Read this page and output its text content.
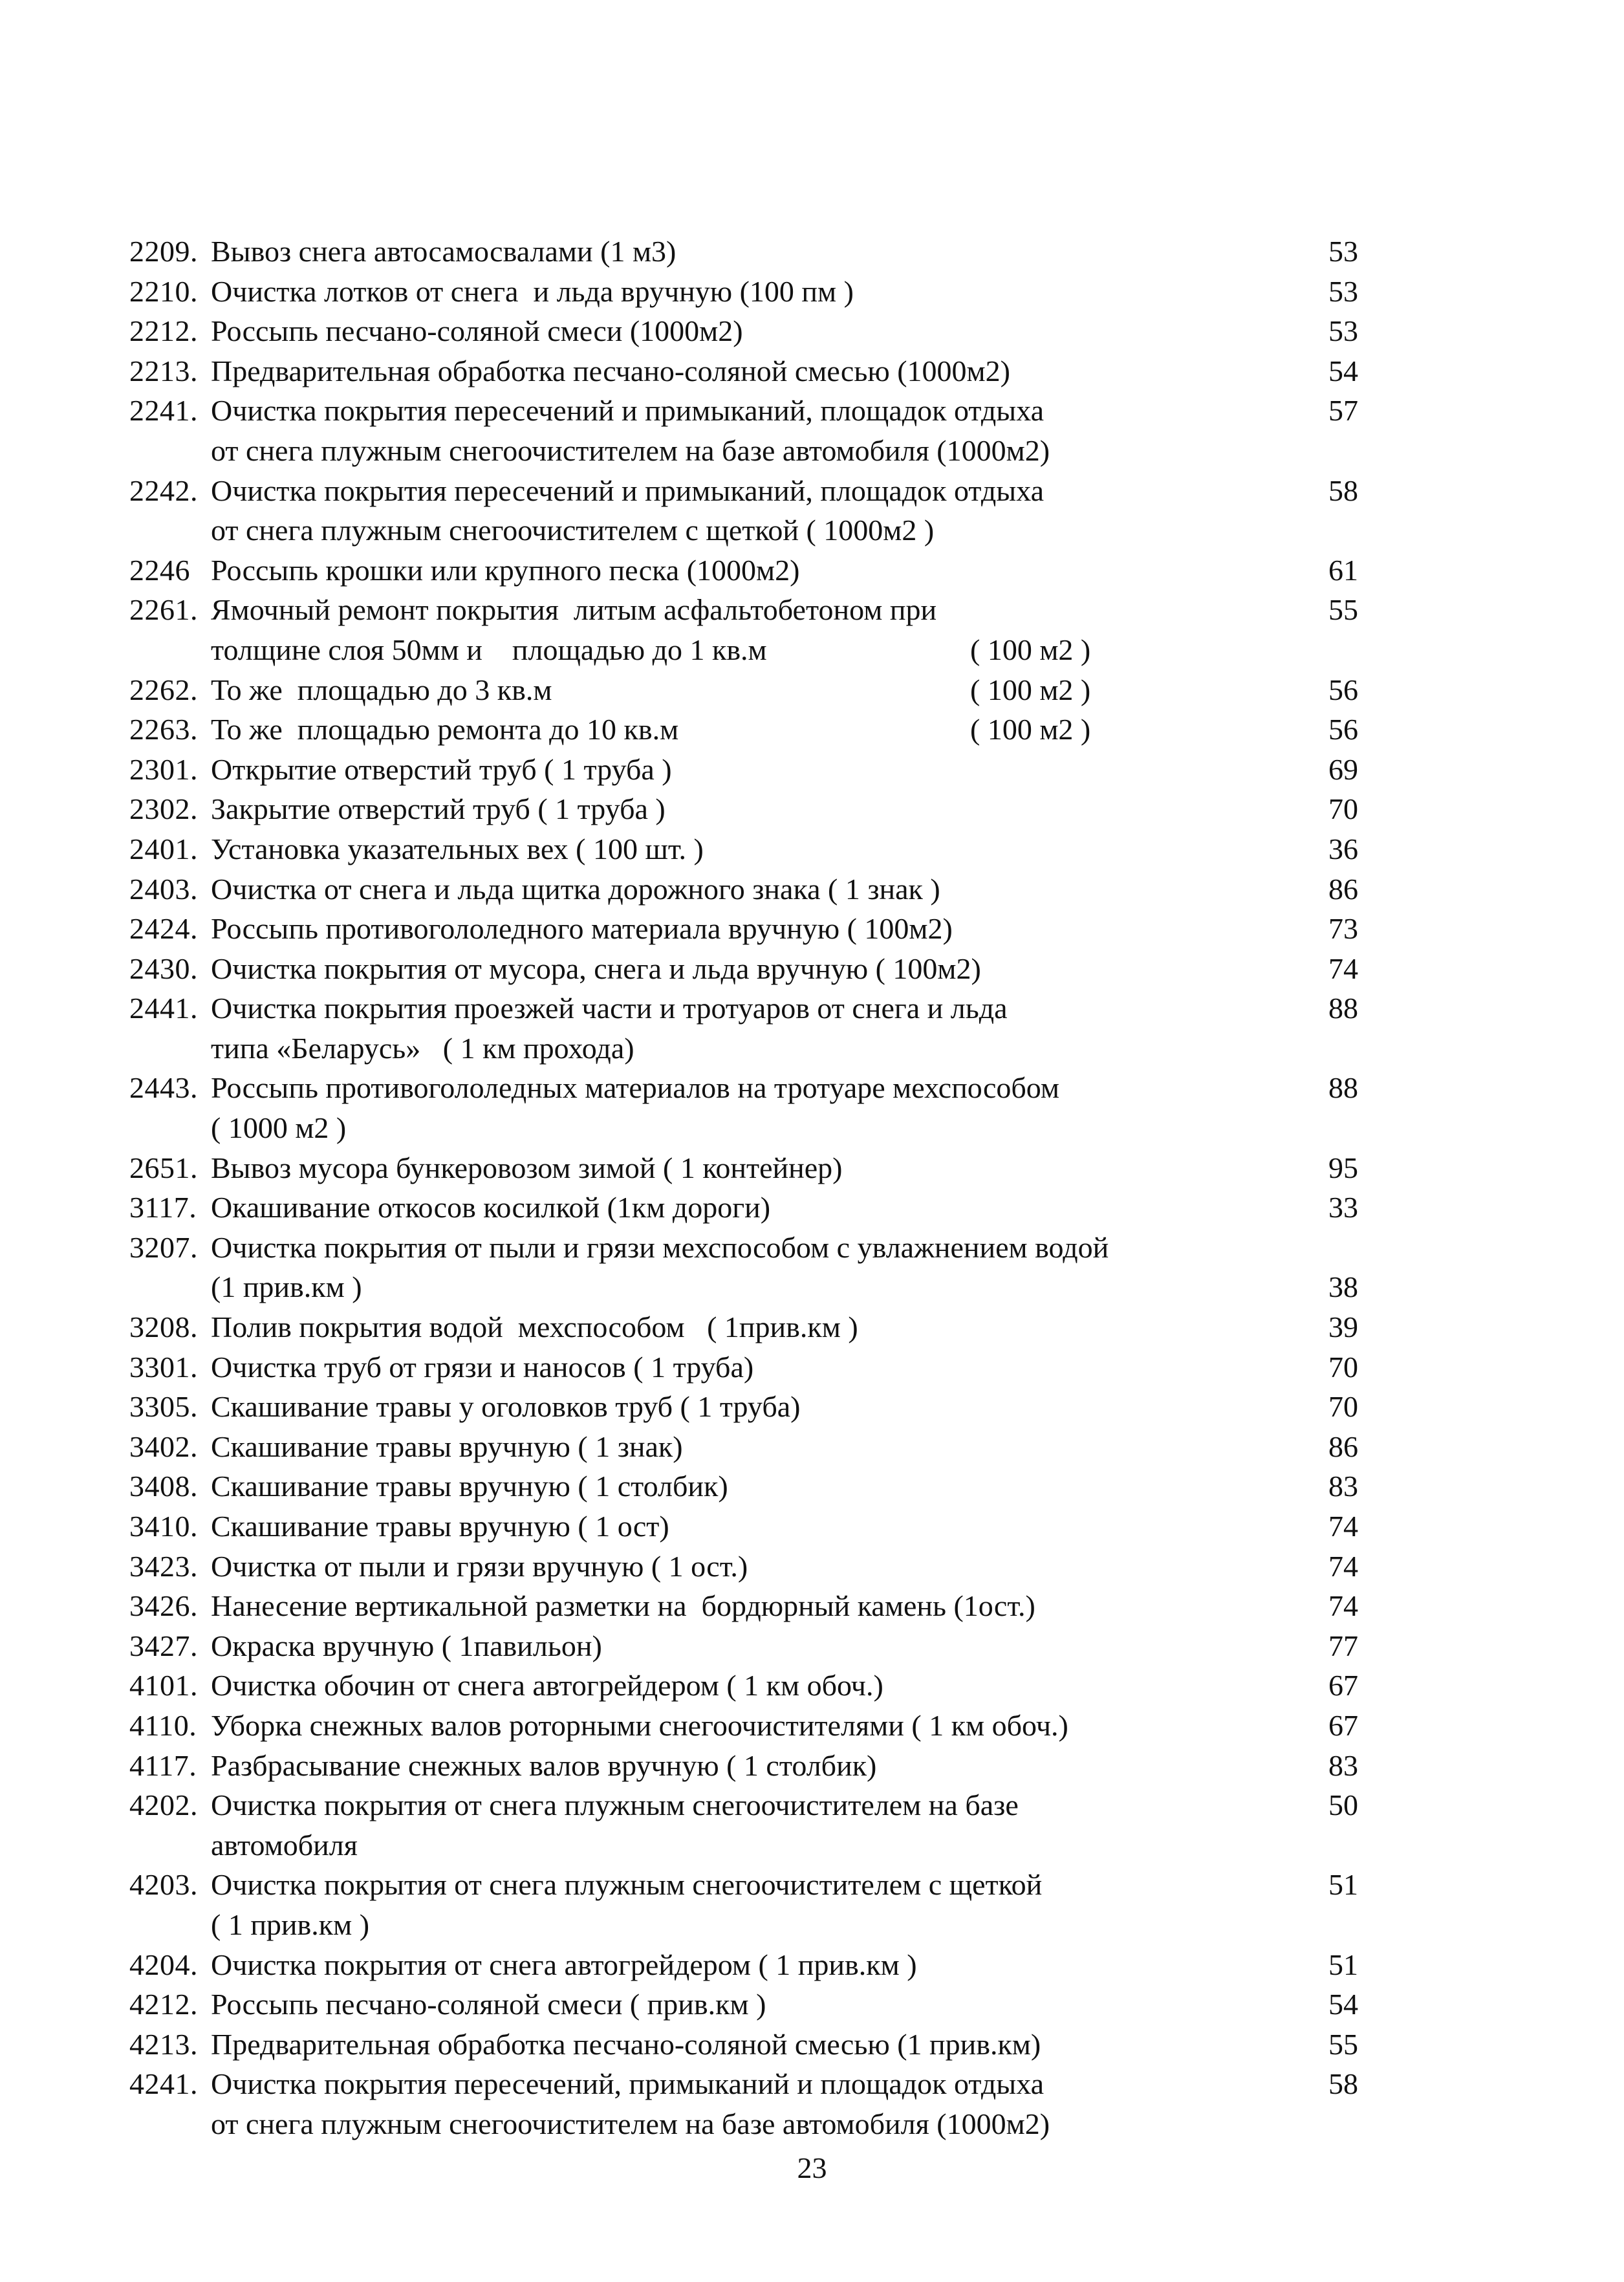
2209. Вывоз снега автосамосвалами (1 м3)	53
2210. Очистка лотков от снега  и льда вручную (100 пм )	53
2212. Россыпь песчано-соляной смеси (1000м2)	53
2213. Предварительная обработка песчано-соляной смесью (1000м2)	54
2241. Очистка покрытия пересечений и примыканий, площадок отдыха	57
от снега плужным снегоочистителем на базе автомобиля (1000м2)
2242. Очистка покрытия пересечений и примыканий, площадок отдыха	58
от снега плужным снегоочистителем с щеткой ( 1000м2 )
2246 Россыпь крошки или крупного песка (1000м2)	61
2261. Ямочный ремонт покрытия  литым асфальтобетоном при	55
толщине слоя 50мм и    площадью до 1 кв.м	( 100 м2 )
2262. То же  площадью до 3 кв.м	( 100 м2 )	56
2263. То же  площадью ремонта до 10 кв.м	( 100 м2 )	56
2301. Открытие отверстий труб ( 1 труба )	69
2302. Закрытие отверстий труб ( 1 труба )	70
2401. Установка указательных вех ( 100 шт. )	36
2403. Очистка от снега и льда щитка дорожного знака ( 1 знак )	86
2424. Россыпь противогололедного материала вручную ( 100м2)	73
2430. Очистка покрытия от мусора, снега и льда вручную ( 100м2)	74
2441. Очистка покрытия проезжей части и тротуаров от снега и льда	88
типа «Беларусь»   ( 1 км прохода)
2443. Россыпь противогололедных материалов на тротуаре мехспособом	88
( 1000 м2 )
2651. Вывоз мусора бункеровозом зимой ( 1 контейнер)	95
3117. Окашивание откосов косилкой (1км дороги)	33
3207. Очистка покрытия от пыли и грязи мехспособом с увлажнением водой
(1 прив.км )	38
3208. Полив покрытия водой  мехспособом   ( 1прив.км )	39
3301. Очистка труб от грязи и наносов ( 1 труба)	70
3305. Скашивание травы у оголовков труб ( 1 труба)	70
3402. Скашивание травы вручную ( 1 знак)	86
3408. Скашивание травы вручную ( 1 столбик)	83
3410. Скашивание травы вручную ( 1 ост)	74
3423. Очистка от пыли и грязи вручную ( 1 ост.)	74
3426. Нанесение вертикальной разметки на  бордюрный камень (1ост.)	74
3427. Окраска вручную ( 1павильон)	77
4101. Очистка обочин от снега автогрейдером ( 1 км обоч.)	67
4110. Уборка снежных валов роторными снегоочистителями ( 1 км обоч.)	67
4117. Разбрасывание снежных валов вручную ( 1 столбик)	83
4202. Очистка покрытия от снега плужным снегоочистителем на базе	50
автомобиля
4203. Очистка покрытия от снега плужным снегоочистителем с щеткой	51
( 1 прив.км )
4204. Очистка покрытия от снега автогрейдером ( 1 прив.км )	51
4212. Россыпь песчано-соляной смеси ( прив.км )	54
4213. Предварительная обработка песчано-соляной смесью (1 прив.км)	55
4241. Очистка покрытия пересечений, примыканий и площадок отдыха	58
от снега плужным снегоочистителем на базе автомобиля (1000м2)
23
